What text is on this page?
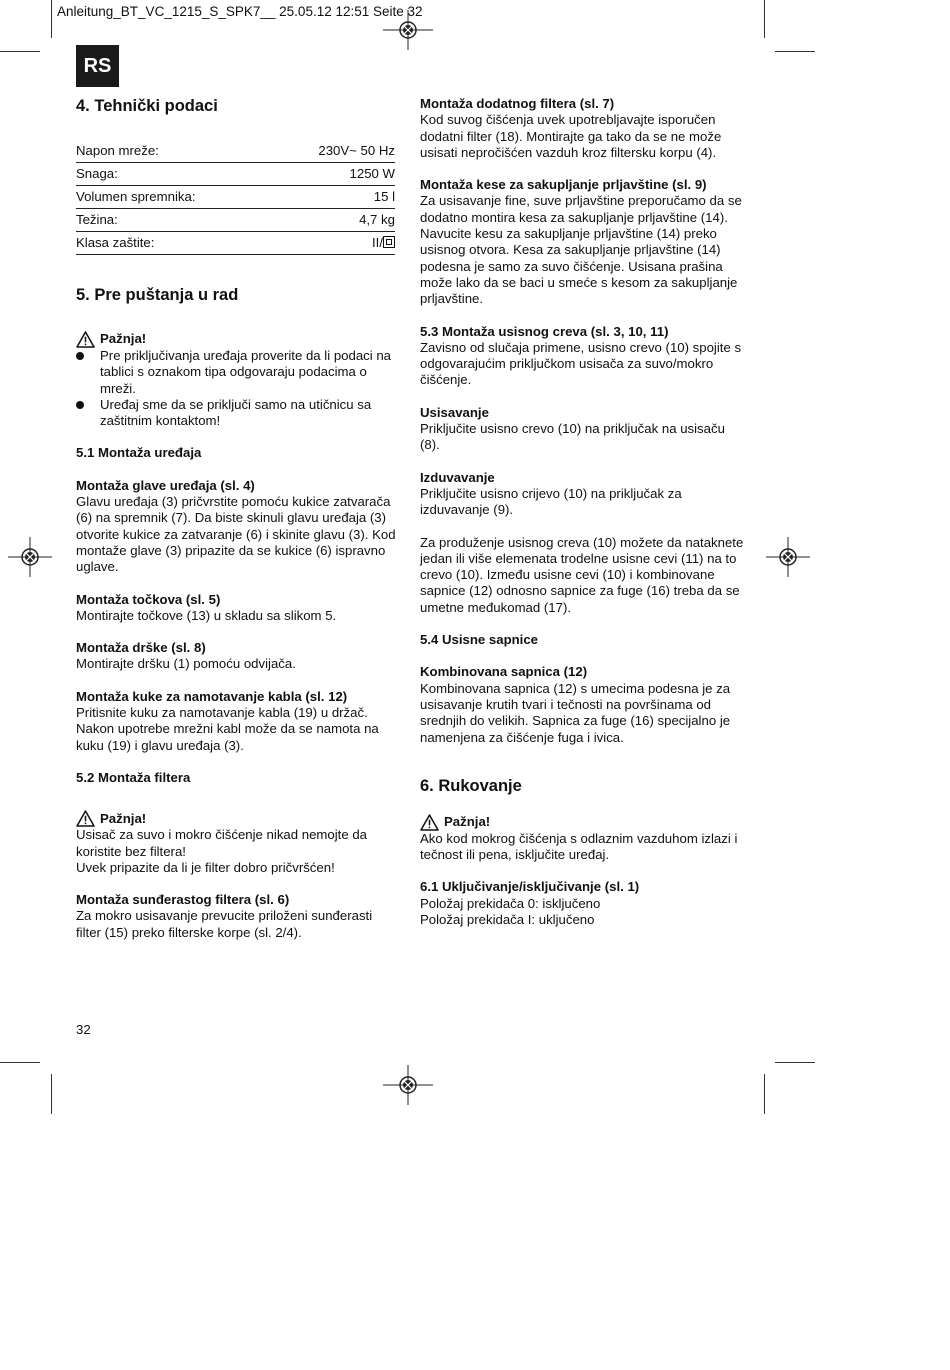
Anleitung_BT_VC_1215_S_SPK7__ 25.05.12 12:51 Seite 32
RS
4. Tehnički podaci
Napon mreže:	230V~ 50 Hz
Snaga:	1250 W
Volumen spremnika:	15 l
Težina:	4,7 kg
Klasa zaštite:	II/
5. Pre puštanja u rad
Pažnja!
Pre priključivanja uređaja proverite da li podaci na tablici s oznakom tipa odgovaraju podacima o mreži.
Uređaj sme da se priključi samo na utičnicu sa zaštitnim kontaktom!

5.1 Montaža uređaja

Montaža glave uređaja (sl. 4)

Glavu uređaja (3) pričvrstite pomoću kukice zatvarača (6) na spremnik (7). Da biste skinuli glavu uređaja (3) otvorite kukice za zatvaranje (6) i skinite glavu (3). Kod montaže glave (3) pripazite da se kukice (6) ispravno uglave.

Montaža točkova (sl. 5)

Montirajte točkove (13) u skladu sa slikom 5.

Montaža drške (sl. 8)

Montirajte dršku (1) pomoću odvijača.

Montaža kuke za namotavanje kabla (sl. 12)

Pritisnite kuku za namotavanje kabla (19) u držač. Nakon upotrebe mrežni kabl može da se namota na kuku (19) i glavu uređaja (3).

5.2 Montaža filtera

Pažnja!

Usisač za suvo i mokro čišćenje nikad nemojte da koristite bez filtera!

Uvek pripazite da li je filter dobro pričvršćen!

Montaža sunđerastog filtera (sl. 6)

Za mokro usisavanje prevucite priloženi sunđerasti filter (15) preko filterske korpe (sl. 2/4).

Montaža dodatnog filtera (sl. 7)

Kod suvog čišćenja uvek upotrebljavajte isporučen dodatni filter (18). Montirajte ga tako da se ne može usisati nepročišćen vazduh kroz filtersku korpu (4).

Montaža kese za sakupljanje prljavštine (sl. 9)

Za usisavanje fine, suve prljavštine preporučamo da se dodatno montira kesa za sakupljanje prljavštine (14). Navucite kesu za sakupljanje prljavštine (14) preko usisnog otvora. Kesa za sakupljanje prljavštine (14) podesna je samo za suvo čišćenje. Usisana prašina može lako da se baci u smeće s kesom za sakupljanje prljavštine.

5.3 Montaža usisnog creva (sl. 3, 10, 11)

Zavisno od slučaja primene, usisno crevo (10) spojite s odgovarajućim priključkom usisača za suvo/mokro čišćenje.

Usisavanje

Priključite usisno crevo (10) na priključak na usisaču (8).

Izduvavanje

Priključite usisno crijevo (10) na priključak za izduvavanje (9).

Za produženje usisnog creva (10) možete da nataknete jedan ili više elemenata trodelne usisne cevi (11) na to crevo (10). Između usisne cevi (10) i kombinovane sapnice (12) odnosno sapnice za fuge (16) treba da se umetne međukomad (17).

5.4 Usisne sapnice

Kombinovana sapnica (12)

Kombinovana sapnica (12) s umecima podesna je za usisavanje krutih tvari i tečnosti na površinama od srednjih do velikih. Sapnica za fuge (16) specijalno je namenjena za čišćenje fuga i ivica.

6. Rukovanje
Pažnja!

Ako kod mokrog čišćenja s odlaznim vazduhom izlazi i tečnost ili pena, isključite uređaj.

6.1 Uključivanje/isključivanje (sl. 1)

Položaj prekidača 0: isključeno

Položaj prekidača I: uključeno

32
